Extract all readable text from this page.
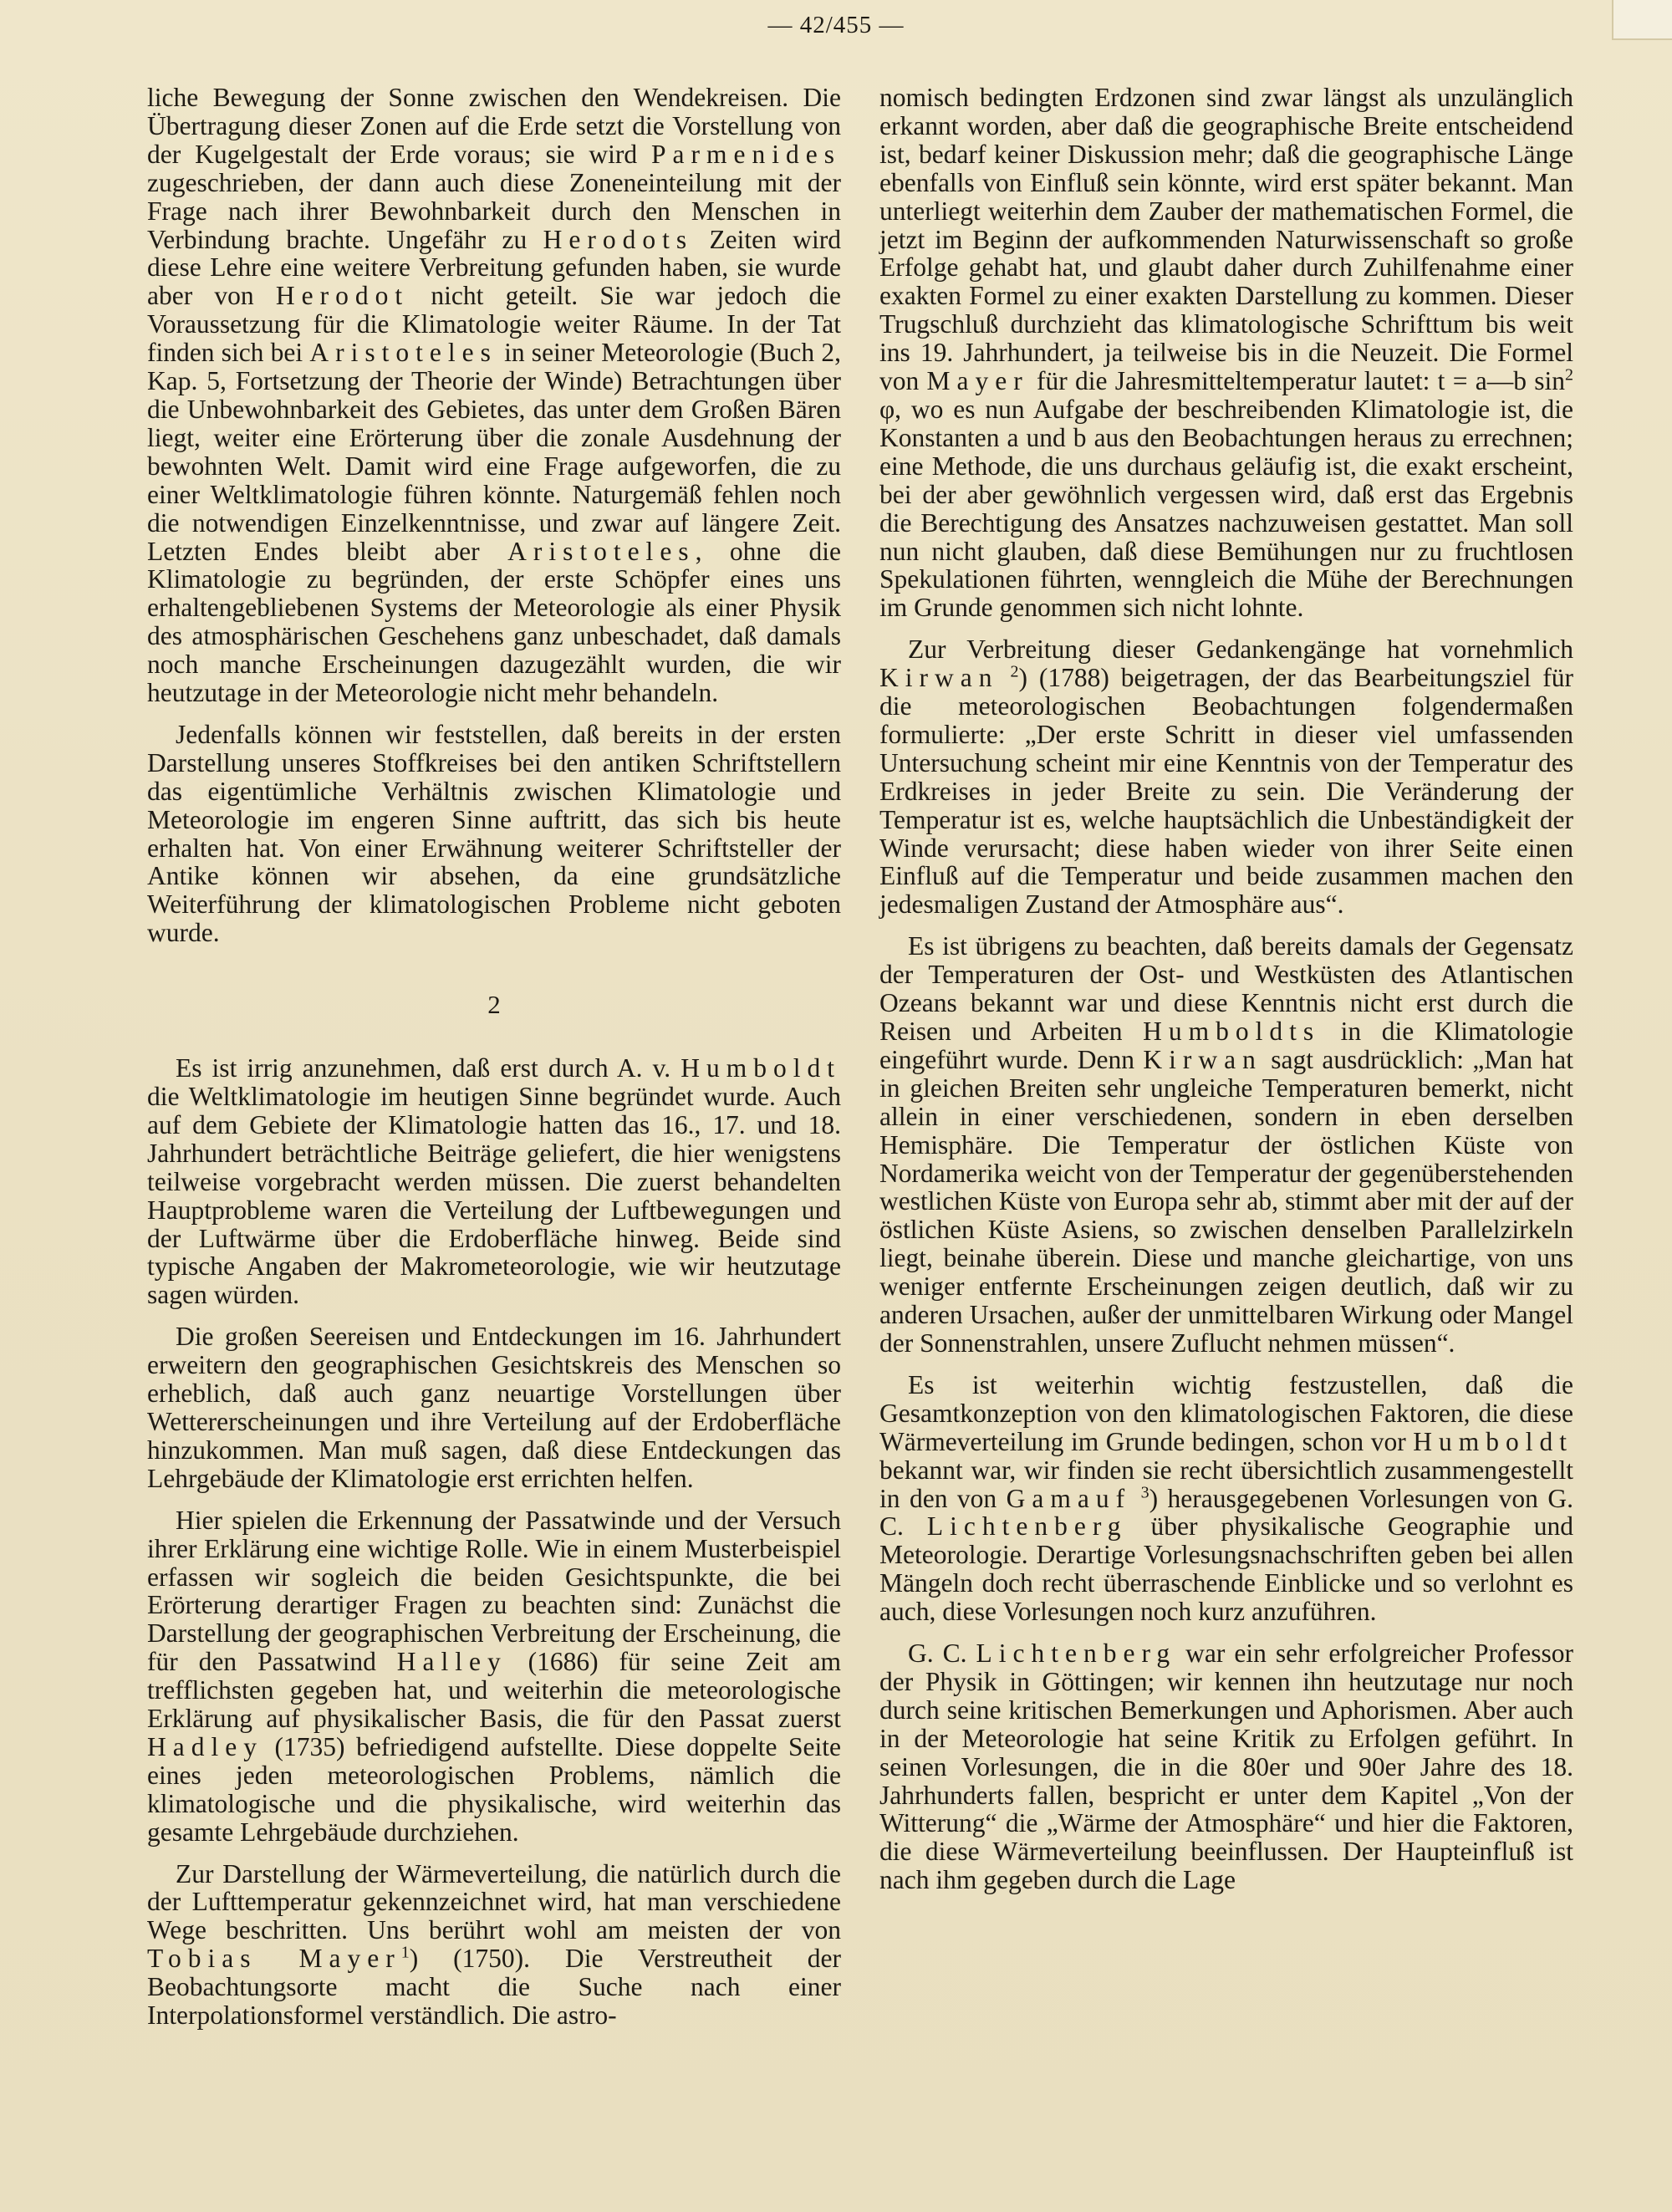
— 42/455 —

liche Bewegung der Sonne zwischen den Wendekreisen. Die Übertragung dieser Zonen auf die Erde setzt die Vorstellung von der Kugelgestalt der Erde voraus; sie wird Parmenides zugeschrieben, der dann auch diese Zoneneinteilung mit der Frage nach ihrer Bewohnbarkeit durch den Menschen in Verbindung brachte. Ungefähr zu Herodots Zeiten wird diese Lehre eine weitere Verbreitung gefunden haben, sie wurde aber von Herodot nicht geteilt. Sie war jedoch die Voraussetzung für die Klimatologie weiter Räume. In der Tat finden sich bei Aristoteles in seiner Meteorologie (Buch 2, Kap. 5, Fortsetzung der Theorie der Winde) Betrachtungen über die Unbewohnbarkeit des Gebietes, das unter dem Großen Bären liegt, weiter eine Erörterung über die zonale Ausdehnung der bewohnten Welt. Damit wird eine Frage aufgeworfen, die zu einer Weltklimatologie führen könnte. Naturgemäß fehlen noch die notwendigen Einzelkenntnisse, und zwar auf längere Zeit. Letzten Endes bleibt aber Aristoteles, ohne die Klimatologie zu begründen, der erste Schöpfer eines uns erhaltengebliebenen Systems der Meteorologie als einer Physik des atmosphärischen Geschehens ganz unbeschadet, daß damals noch manche Erscheinungen dazugezählt wurden, die wir heutzutage in der Meteorologie nicht mehr behandeln.

Jedenfalls können wir feststellen, daß bereits in der ersten Darstellung unseres Stoffkreises bei den antiken Schriftstellern das eigentümliche Verhältnis zwischen Klimatologie und Meteorologie im engeren Sinne auftritt, das sich bis heute erhalten hat. Von einer Erwähnung weiterer Schriftsteller der Antike können wir absehen, da eine grundsätzliche Weiterführung der klimatologischen Probleme nicht geboten wurde.

2

Es ist irrig anzunehmen, daß erst durch A. v. Humboldt die Weltklimatologie im heutigen Sinne begründet wurde. Auch auf dem Gebiete der Klimatologie hatten das 16., 17. und 18. Jahrhundert beträchtliche Beiträge geliefert, die hier wenigstens teilweise vorgebracht werden müssen. Die zuerst behandelten Hauptprobleme waren die Verteilung der Luftbewegungen und der Luftwärme über die Erdoberfläche hinweg. Beide sind typische Angaben der Makrometeorologie, wie wir heutzutage sagen würden.

Die großen Seereisen und Entdeckungen im 16. Jahrhundert erweitern den geographischen Gesichtskreis des Menschen so erheblich, daß auch ganz neuartige Vorstellungen über Wettererscheinungen und ihre Verteilung auf der Erdoberfläche hinzukommen. Man muß sagen, daß diese Entdeckungen das Lehrgebäude der Klimatologie erst errichten helfen.

Hier spielen die Erkennung der Passatwinde und der Versuch ihrer Erklärung eine wichtige Rolle. Wie in einem Musterbeispiel erfassen wir sogleich die beiden Gesichtspunkte, die bei Erörterung derartiger Fragen zu beachten sind: Zunächst die Darstellung der geographischen Verbreitung der Erscheinung, die für den Passatwind Halley (1686) für seine Zeit am trefflichsten gegeben hat, und weiterhin die meteorologische Erklärung auf physikalischer Basis, die für den Passat zuerst Hadley (1735) befriedigend aufstellte. Diese doppelte Seite eines jeden meteorologischen Problems, nämlich die klimatologische und die physikalische, wird weiterhin das gesamte Lehrgebäude durchziehen.

Zur Darstellung der Wärmeverteilung, die natürlich durch die der Lufttemperatur gekennzeichnet wird, hat man verschiedene Wege beschritten. Uns berührt wohl am meisten der von Tobias Mayer$^1$) (1750). Die Verstreutheit der Beobachtungsorte macht die Suche nach einer Interpolationsformel verständlich. Die astro-

nomisch bedingten Erdzonen sind zwar längst als unzulänglich erkannt worden, aber daß die geographische Breite entscheidend ist, bedarf keiner Diskussion mehr; daß die geographische Länge ebenfalls von Einfluß sein könnte, wird erst später bekannt. Man unterliegt weiterhin dem Zauber der mathematischen Formel, die jetzt im Beginn der aufkommenden Naturwissenschaft so große Erfolge gehabt hat, und glaubt daher durch Zuhilfenahme einer exakten Formel zu einer exakten Darstellung zu kommen. Dieser Trugschluß durchzieht das klimatologische Schrifttum bis weit ins 19. Jahrhundert, ja teilweise bis in die Neuzeit. Die Formel von Mayer für die Jahresmitteltemperatur lautet: t = a—b $\sin^2 \varphi$, wo es nun Aufgabe der beschreibenden Klimatologie ist, die Konstanten a und b aus den Beobachtungen heraus zu errechnen; eine Methode, die uns durchaus geläufig ist, die exakt erscheint, bei der aber gewöhnlich vergessen wird, daß erst das Ergebnis die Berechtigung des Ansatzes nachzuweisen gestattet. Man soll nun nicht glauben, daß diese Bemühungen nur zu fruchtlosen Spekulationen führten, wenngleich die Mühe der Berechnungen im Grunde genommen sich nicht lohnte.

Zur Verbreitung dieser Gedankengänge hat vornehmlich Kirwan $^2$) (1788) beigetragen, der das Bearbeitungsziel für die meteorologischen Beobachtungen folgendermaßen formulierte: „Der erste Schritt in dieser viel umfassenden Untersuchung scheint mir eine Kenntnis von der Temperatur des Erdkreises in jeder Breite zu sein. Die Veränderung der Temperatur ist es, welche hauptsächlich die Unbeständigkeit der Winde verursacht; diese haben wieder von ihrer Seite einen Einfluß auf die Temperatur und beide zusammen machen den jedesmaligen Zustand der Atmosphäre aus“.

Es ist übrigens zu beachten, daß bereits damals der Gegensatz der Temperaturen der Ost- und Westküsten des Atlantischen Ozeans bekannt war und diese Kenntnis nicht erst durch die Reisen und Arbeiten Humboldts in die Klimatologie eingeführt wurde. Denn Kirwan sagt ausdrücklich: „Man hat in gleichen Breiten sehr ungleiche Temperaturen bemerkt, nicht allein in einer verschiedenen, sondern in eben derselben Hemisphäre. Die Temperatur der östlichen Küste von Nordamerika weicht von der Temperatur der gegenüberstehenden westlichen Küste von Europa sehr ab, stimmt aber mit der auf der östlichen Küste Asiens, so zwischen denselben Parallelzirkeln liegt, beinahe überein. Diese und manche gleichartige, von uns weniger entfernte Erscheinungen zeigen deutlich, daß wir zu anderen Ursachen, außer der unmittelbaren Wirkung oder Mangel der Sonnenstrahlen, unsere Zuflucht nehmen müssen“.

Es ist weiterhin wichtig festzustellen, daß die Gesamtkonzeption von den klimatologischen Faktoren, die diese Wärmeverteilung im Grunde bedingen, schon vor Humboldt bekannt war, wir finden sie recht übersichtlich zusammengestellt in den von Gamauf $^3$) herausgegebenen Vorlesungen von G. C. Lichtenberg über physikalische Geographie und Meteorologie. Derartige Vorlesungsnachschriften geben bei allen Mängeln doch recht überraschende Einblicke und so verlohnt es auch, diese Vorlesungen noch kurz anzuführen.

G. C. Lichtenberg war ein sehr erfolgreicher Professor der Physik in Göttingen; wir kennen ihn heutzutage nur noch durch seine kritischen Bemerkungen und Aphorismen. Aber auch in der Meteorologie hat seine Kritik zu Erfolgen geführt. In seinen Vorlesungen, die in die 80er und 90er Jahre des 18. Jahrhunderts fallen, bespricht er unter dem Kapitel „Von der Witterung“ die „Wärme der Atmosphäre“ und hier die Faktoren, die diese Wärmeverteilung beeinflussen. Der Haupteinfluß ist nach ihm gegeben durch die Lage
